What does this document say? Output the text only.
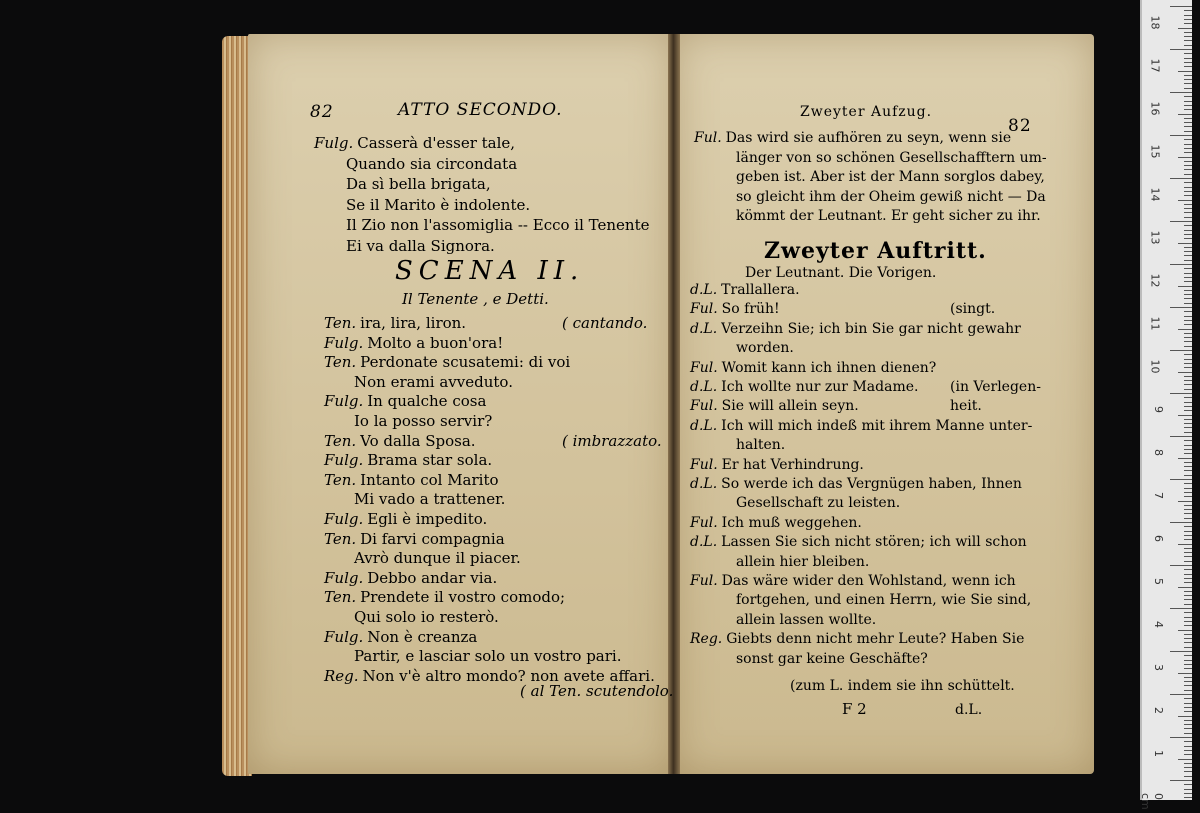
82	ATTO SECONDO.
Fulg. Casserà d'esser tale,
Quando sia circondata
Da sì bella brigata,
Se il Marito è indolente.
Il Zio non l'assomiglia -- Ecco il Tenente
Ei va dalla Signora.
SCENA II.
Il Tenente , e Detti.
Ten. ira, lira, liron.	( cantando.
Fulg. Molto a buon'ora!
Ten. Perdonate scusatemi: di voi
Non erami avveduto.
Fulg. In qualche cosa
Io la posso servir?
Ten. Vo dalla Sposa.	( imbrazzato.
Fulg. Brama star sola.
Ten. Intanto col Marito
Mi vado a trattener.
Fulg. Egli è impedito.
Ten. Di farvi compagnia
Avrò dunque il piacer.
Fulg. Debbo andar via.
Ten. Prendete il vostro comodo;
Qui solo io resterò.
Fulg. Non è creanza
Partir, e lasciar solo un vostro pari.
Reg. Non v'è altro mondo? non avete affari.
( al Ten. scutendolo.
Zweyter Aufzug.
82
Ful. Das wird sie aufhören zu seyn, wenn sie
länger von so schönen Gesellschafftern um-
geben ist. Aber ist der Mann sorglos dabey,
so gleicht ihm der Oheim gewiß nicht — Da
kömmt der Leutnant. Er geht sicher zu ihr.
Zweyter Auftritt.
Der Leutnant. Die Vorigen.
d.L. Trallallera.
Ful. So früh!	(singt.
d.L. Verzeihn Sie; ich bin Sie gar nicht gewahr
worden.
Ful. Womit kann ich ihnen dienen?
d.L. Ich wollte nur zur Madame. (in Verlegen-
Ful. Sie will allein seyn.	heit.
d.L. Ich will mich indeß mit ihrem Manne unter-
halten.
Ful. Er hat Verhindrung.
d.L. So werde ich das Vergnügen haben, Ihnen
Gesellschaft zu leisten.
Ful. Ich muß weggehen.
d.L. Lassen Sie sich nicht stören; ich will schon
allein hier bleiben.
Ful. Das wäre wider den Wohlstand, wenn ich
fortgehen, und einen Herrn, wie Sie sind,
allein lassen wollte.
Reg. Giebts denn nicht mehr Leute? Haben Sie
sonst gar keine Geschäfte?
(zum L. indem sie ihn schüttelt.
F 2	d.L.
18
17
16
15
14
13
12
11
10
9
8
7
6
5
4
3
2
1
0 cm
